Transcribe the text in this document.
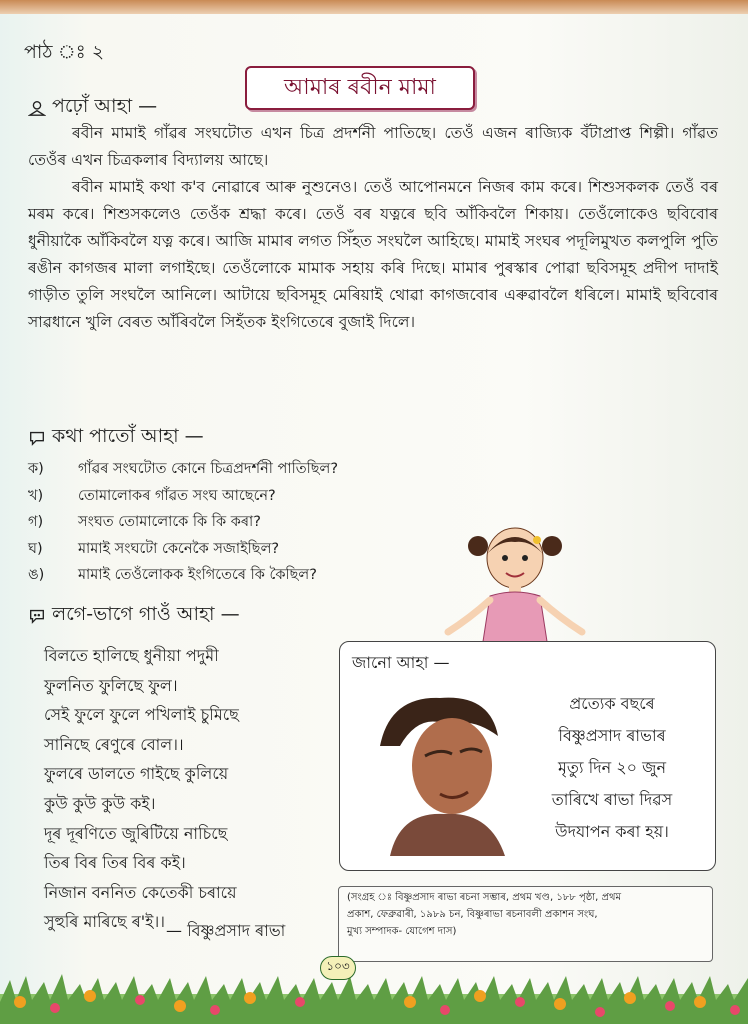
পাঠ ঃ ২
আমাৰ ৰবীন মামা
পঢ়োঁ আহা —

ৰবীন মামাই গাঁৱৰ সংঘটোত এখন চিত্ৰ প্ৰদৰ্শনী পাতিছে। তেওঁ এজন ৰাজ্যিক বঁটাপ্ৰাপ্ত শিল্পী। গাঁৱত তেওঁৰ এখন চিত্ৰকলাৰ বিদ্যালয় আছে।

ৰবীন মামাই কথা ক'ব নোৱাৰে আৰু নুশুনেও। তেওঁ আপোনমনে নিজৰ কাম কৰে। শিশুসকলক তেওঁ বৰ মৰম কৰে। শিশুসকলেও তেওঁক শ্ৰদ্ধা কৰে। তেওঁ বৰ যত্নৰে ছবি আঁকিবলৈ শিকায়। তেওঁলোকেও ছবিবোৰ ধুনীয়াকৈ আঁকিবলৈ যত্ন কৰে। আজি মামাৰ লগত সিঁহত সংঘলৈ আহিছে। মামাই সংঘৰ পদূলিমুখত কলপুলি পুতি ৰঙীন কাগজৰ মালা লগাইছে। তেওঁলোকে মামাক সহায় কৰি দিছে। মামাৰ পুৰস্কাৰ পোৱা ছবিসমূহ প্ৰদীপ দাদাই গাড়ীত তুলি সংঘলৈ আনিলে। আটায়ে ছবিসমূহ মেৰিয়াই থোৱা কাগজবোৰ এৰুৱাবলৈ ধৰিলে। মামাই ছবিবোৰ সাৱধানে খুলি বেৰত আঁৰিবলৈ সিহঁতক ইংগিতেৰে বুজাই দিলে।

কথা পাতোঁ আহা —
ক)	গাঁৱৰ সংঘটোত কোনে চিত্ৰপ্ৰদৰ্শনী পাতিছিল?
খ)	তোমালোকৰ গাঁৱত সংঘ আছেনে?
গ)	সংঘত তোমালোকে কি কি কৰা?
ঘ)	মামাই সংঘটো কেনেকৈ সজাইছিল?
ঙ)	মামাই তেওঁলোকক ইংগিতেৰে কি কৈছিল?
লগে-ভাগে গাওঁ আহা —
বিলতে হালিছে ধুনীয়া পদুমী
ফুলনিত ফুলিছে ফুল।
সেই ফুলে ফুলে পখিলাই চুমিছে
সানিছে ৰেণুৰে বোল।।
ফুলৰে ডালতে গাইছে কুলিয়ে
কুউ কুউ কুউ কই।
দূৰ দূৰণিতে জুৰিটিয়ে নাচিছে
তিৰ বিৰ তিৰ বিৰ কই।
নিজান বননিত কেতেকী চৰায়ে
সুহুৰি মাৰিছে ৰ'ই।। — বিষ্ণুপ্ৰসাদ ৰাভা
জানো আহা —
প্ৰত্যেক বছৰে
বিষ্ণুপ্ৰসাদ ৰাভাৰ
মৃত্যু দিন ২০ জুন
তাৰিখে ৰাভা দিৱস
উদযাপন কৰা হয়।
(সংগ্ৰহ ঃ বিষ্ণুপ্ৰসাদ ৰাভা ৰচনা সম্ভাৰ, প্ৰথম খণ্ড, ১৮৮ পৃষ্ঠা, প্ৰথম
প্ৰকাশ, ফেব্ৰুৱাৰী, ১৯৮৯ চন, বিষ্ণুৰাভা ৰচনাবলী প্ৰকাশন সংঘ,
মুখ্য সম্পাদক- যোগেশ দাস)
১০৩
